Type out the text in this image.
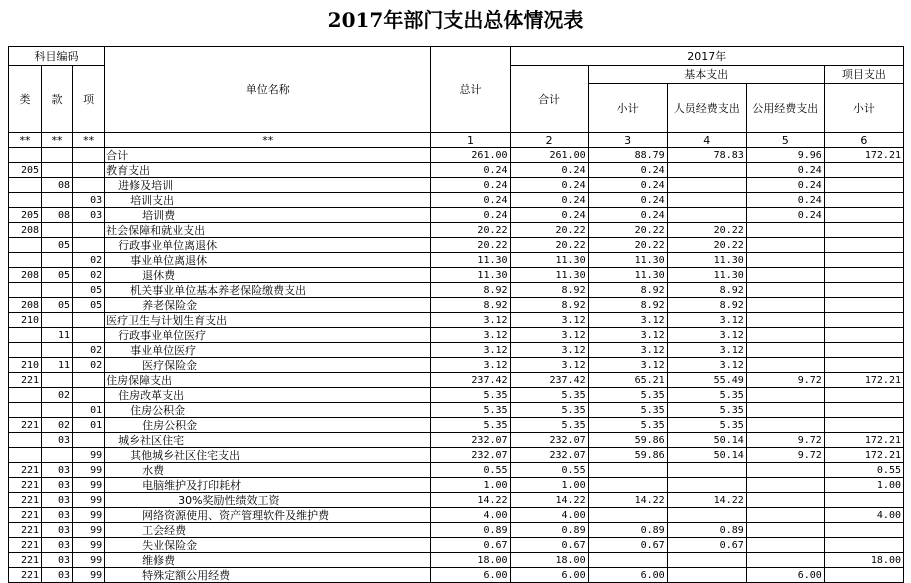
2017年部门支出总体情况表
科目编码			单位名称	总计	2017年				
类	款	项			合计	基本支出			项目支出
						小计	人员经费支出	公用经费支出	小计
**	**	**	**	1	2	3	4	5	6
			合计	261.00	261.00	88.79	78.83	9.96	172.21
205			教育支出	0.24	0.24	0.24		0.24	
	08		进修及培训	0.24	0.24	0.24		0.24	
		03	培训支出	0.24	0.24	0.24		0.24	
205	08	03	培训费	0.24	0.24	0.24		0.24	
208			社会保障和就业支出	20.22	20.22	20.22	20.22		
	05		行政事业单位离退休	20.22	20.22	20.22	20.22		
		02	事业单位离退休	11.30	11.30	11.30	11.30		
208	05	02	退休费	11.30	11.30	11.30	11.30		
		05	机关事业单位基本养老保险缴费支出	8.92	8.92	8.92	8.92		
208	05	05	养老保险金	8.92	8.92	8.92	8.92		
210			医疗卫生与计划生育支出	3.12	3.12	3.12	3.12		
	11		行政事业单位医疗	3.12	3.12	3.12	3.12		
		02	事业单位医疗	3.12	3.12	3.12	3.12		
210	11	02	医疗保险金	3.12	3.12	3.12	3.12		
221			住房保障支出	237.42	237.42	65.21	55.49	9.72	172.21
	02		住房改革支出	5.35	5.35	5.35	5.35		
		01	住房公积金	5.35	5.35	5.35	5.35		
221	02	01	住房公积金	5.35	5.35	5.35	5.35		
	03		城乡社区住宅	232.07	232.07	59.86	50.14	9.72	172.21
		99	其他城乡社区住宅支出	232.07	232.07	59.86	50.14	9.72	172.21
221	03	99	水费	0.55	0.55				0.55
221	03	99	电脑维护及打印耗材	1.00	1.00				1.00
221	03	99	30%奖励性绩效工资	14.22	14.22	14.22	14.22		
221	03	99	网络资源使用、资产管理软件及维护费	4.00	4.00				4.00
221	03	99	工会经费	0.89	0.89	0.89	0.89		
221	03	99	失业保险金	0.67	0.67	0.67	0.67		
221	03	99	维修费	18.00	18.00				18.00
221	03	99	特殊定额公用经费	6.00	6.00	6.00		6.00	
